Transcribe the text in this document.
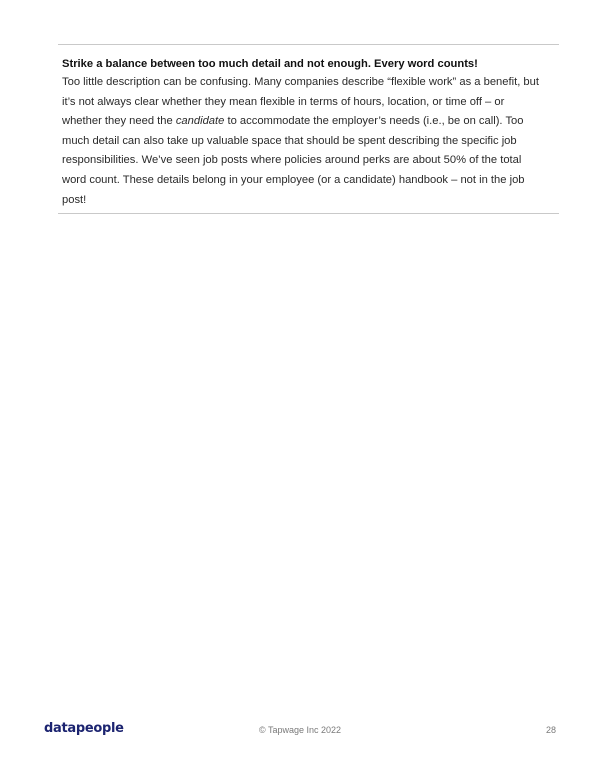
Strike a balance between too much detail and not enough. Every word counts!

Too little description can be confusing. Many companies describe “flexible work” as a benefit, but it’s not always clear whether they mean flexible in terms of hours, location, or time off – or whether they need the candidate to accommodate the employer’s needs (i.e., be on call). Too much detail can also take up valuable space that should be spent describing the specific job responsibilities. We’ve seen job posts where policies around perks are about 50% of the total word count. These details belong in your employee (or a candidate) handbook – not in the job post!

datapeople	© Tapwage Inc 2022	28
